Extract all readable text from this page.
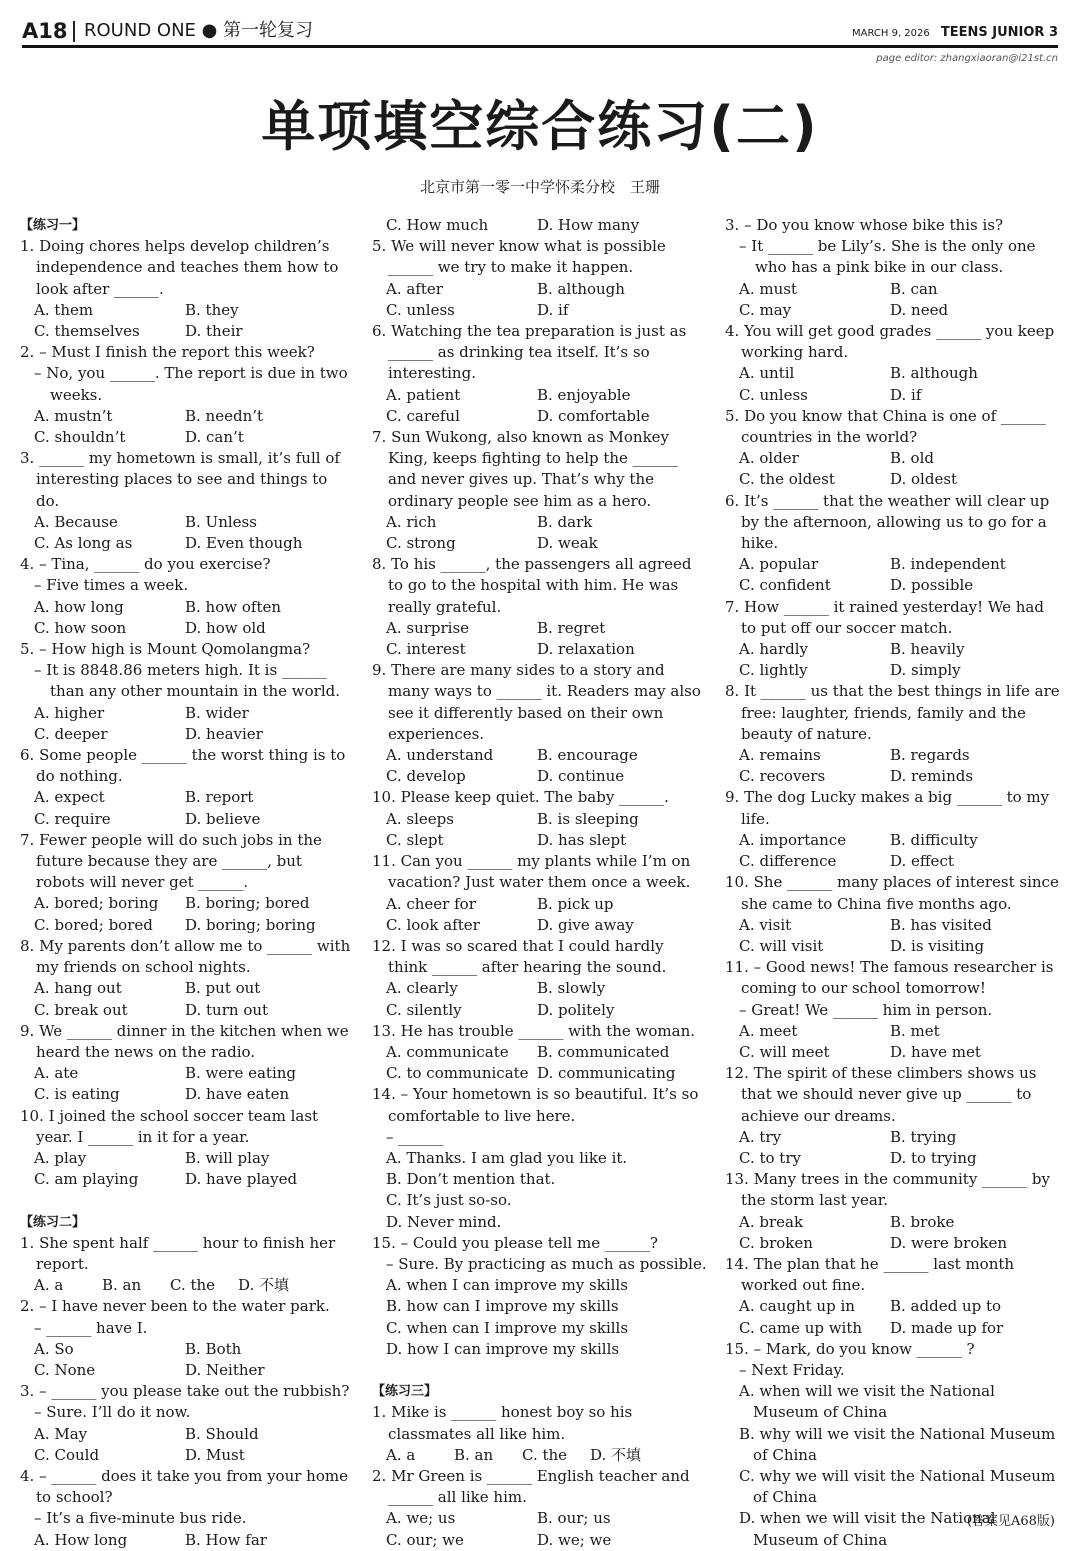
A18 ROUND ONE ● 第一轮复习	MARCH 9, 2026 TEENS JUNIOR 3
page editor: zhangxiaoran@i21st.cn
单项填空综合练习(二)
北京市第一零一中学怀柔分校　王珊
【练习一】
1. Doing chores helps develop children’s independence and teaches them how to look after ______.
A. them	B. they
C. themselves	D. their
2. – Must I finish the report this week?
– No, you ______. The report is due in two weeks.
A. mustn’t	B. needn’t
C. shouldn’t	D. can’t
3. ______ my hometown is small, it’s full of interesting places to see and things to do.
A. Because	B. Unless
C. As long as	D. Even though
4. – Tina, ______ do you exercise?
– Five times a week.
A. how long	B. how often
C. how soon	D. how old
5. – How high is Mount Qomolangma?
– It is 8848.86 meters high. It is ______ than any other mountain in the world.
A. higher	B. wider
C. deeper	D. heavier
6. Some people ______ the worst thing is to do nothing.
A. expect	B. report
C. require	D. believe
7. Fewer people will do such jobs in the future because they are ______, but robots will never get ______.
A. bored; boring	B. boring; bored
C. bored; bored	D. boring; boring
8. My parents don’t allow me to ______ with my friends on school nights.
A. hang out	B. put out
C. break out	D. turn out
9. We ______ dinner in the kitchen when we heard the news on the radio.
A. ate	B. were eating
C. is eating	D. have eaten
10. I joined the school soccer team last year. I ______ in it for a year.
A. play	B. will play
C. am playing	D. have played
【练习二】
1. She spent half ______ hour to finish her report.
A. a	B. an	C. the	D. 不填
2. – I have never been to the water park.
– ______ have I.
A. So	B. Both
C. None	D. Neither
3. – ______ you please take out the rubbish?
– Sure. I’ll do it now.
A. May	B. Should
C. Could	D. Must
4. – ______ does it take you from your home to school?
– It’s a five-minute bus ride.
A. How long	B. How far
C. How much	D. How many
5. We will never know what is possible ______ we try to make it happen.
A. after	B. although
C. unless	D. if
6. Watching the tea preparation is just as ______ as drinking tea itself. It’s so interesting.
A. patient	B. enjoyable
C. careful	D. comfortable
7. Sun Wukong, also known as Monkey King, keeps fighting to help the ______ and never gives up. That’s why the ordinary people see him as a hero.
A. rich	B. dark
C. strong	D. weak
8. To his ______, the passengers all agreed to go to the hospital with him. He was really grateful.
A. surprise	B. regret
C. interest	D. relaxation
9. There are many sides to a story and many ways to ______ it. Readers may also see it differently based on their own experiences.
A. understand	B. encourage
C. develop	D. continue
10. Please keep quiet. The baby ______.
A. sleeps	B. is sleeping
C. slept	D. has slept
11. Can you ______ my plants while I’m on vacation? Just water them once a week.
A. cheer for	B. pick up
C. look after	D. give away
12. I was so scared that I could hardly think ______ after hearing the sound.
A. clearly	B. slowly
C. silently	D. politely
13. He has trouble ______ with the woman.
A. communicate	B. communicated
C. to communicate D. communicating
14. – Your hometown is so beautiful. It’s so comfortable to live here.
– ______
A. Thanks. I am glad you like it.
B. Don’t mention that.
C. It’s just so-so.
D. Never mind.
15. – Could you please tell me ______?
– Sure. By practicing as much as possible.
A. when I can improve my skills
B. how can I improve my skills
C. when can I improve my skills
D. how I can improve my skills
【练习三】
1. Mike is ______ honest boy so his classmates all like him.
A. a	B. an	C. the	D. 不填
2. Mr Green is ______ English teacher and ______ all like him.
A. we; us	B. our; us
C. our; we	D. we; we
3. – Do you know whose bike this is?
– It ______ be Lily’s. She is the only one who has a pink bike in our class.
A. must	B. can
C. may	D. need
4. You will get good grades ______ you keep working hard.
A. until	B. although
C. unless	D. if
5. Do you know that China is one of ______ countries in the world?
A. older	B. old
C. the oldest	D. oldest
6. It’s ______ that the weather will clear up by the afternoon, allowing us to go for a hike.
A. popular	B. independent
C. confident	D. possible
7. How ______ it rained yesterday! We had to put off our soccer match.
A. hardly	B. heavily
C. lightly	D. simply
8. It ______ us that the best things in life are free: laughter, friends, family and the beauty of nature.
A. remains	B. regards
C. recovers	D. reminds
9. The dog Lucky makes a big ______ to my life.
A. importance	B. difficulty
C. difference	D. effect
10. She ______ many places of interest since she came to China five months ago.
A. visit	B. has visited
C. will visit	D. is visiting
11. – Good news! The famous researcher is coming to our school tomorrow!
– Great! We ______ him in person.
A. meet	B. met
C. will meet	D. have met
12. The spirit of these climbers shows us that we should never give up ______ to achieve our dreams.
A. try	B. trying
C. to try	D. to trying
13. Many trees in the community ______ by the storm last year.
A. break	B. broke
C. broken	D. were broken
14. The plan that he ______ last month worked out fine.
A. caught up in	B. added up to
C. came up with	D. made up for
15. – Mark, do you know ______ ?
– Next Friday.
A. when will we visit the National Museum of China
B. why will we visit the National Museum of China
C. why we will visit the National Museum of China
D. when we will visit the National Museum of China
(答案见A68版)
